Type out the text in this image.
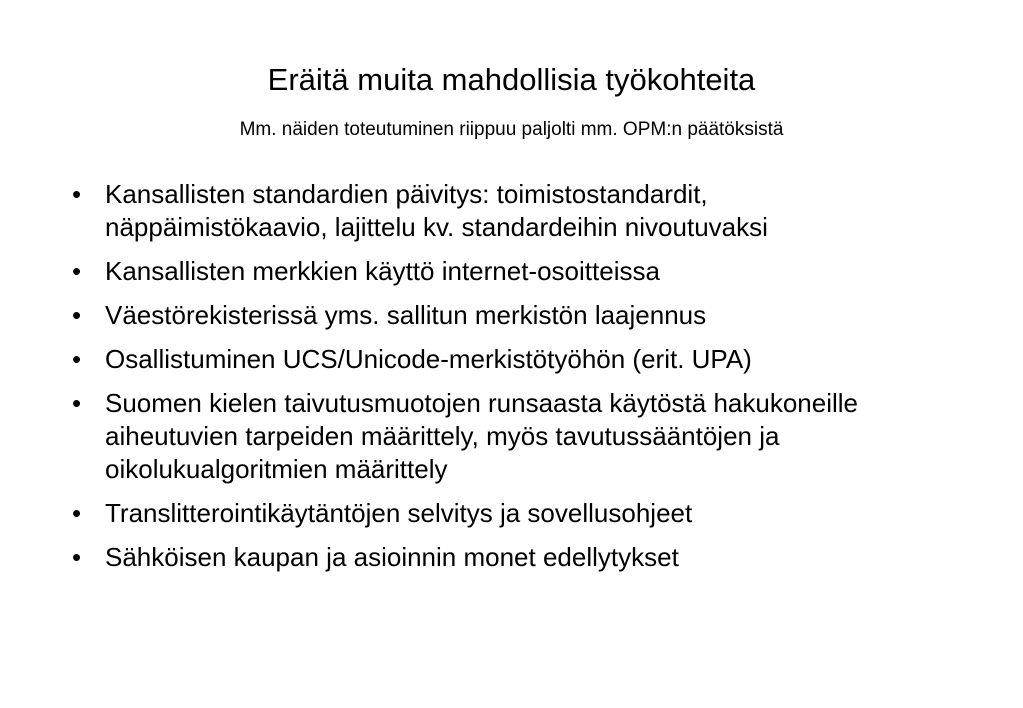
Eräitä muita mahdollisia työkohteita

Mm. näiden toteutuminen riippuu paljolti mm. OPM:n päätöksistä

• Kansallisten standardien päivitys: toimistostandardit, näppäimistökaavio, lajittelu kv. standardeihin nivoutuvaksi
• Kansallisten merkkien käyttö internet-osoitteissa
• Väestörekisterissä yms. sallitun merkistön laajennus
• Osallistuminen UCS/Unicode-merkistötyöhön (erit. UPA)
• Suomen kielen taivutusmuotojen runsaasta käytöstä hakukoneille aiheutuvien tarpeiden määrittely, myös tavutussääntöjen ja oikolukualgoritmien määrittely
• Translitterointikäytäntöjen selvitys ja sovellusohjeet
• Sähköisen kaupan ja asioinnin monet edellytykset
